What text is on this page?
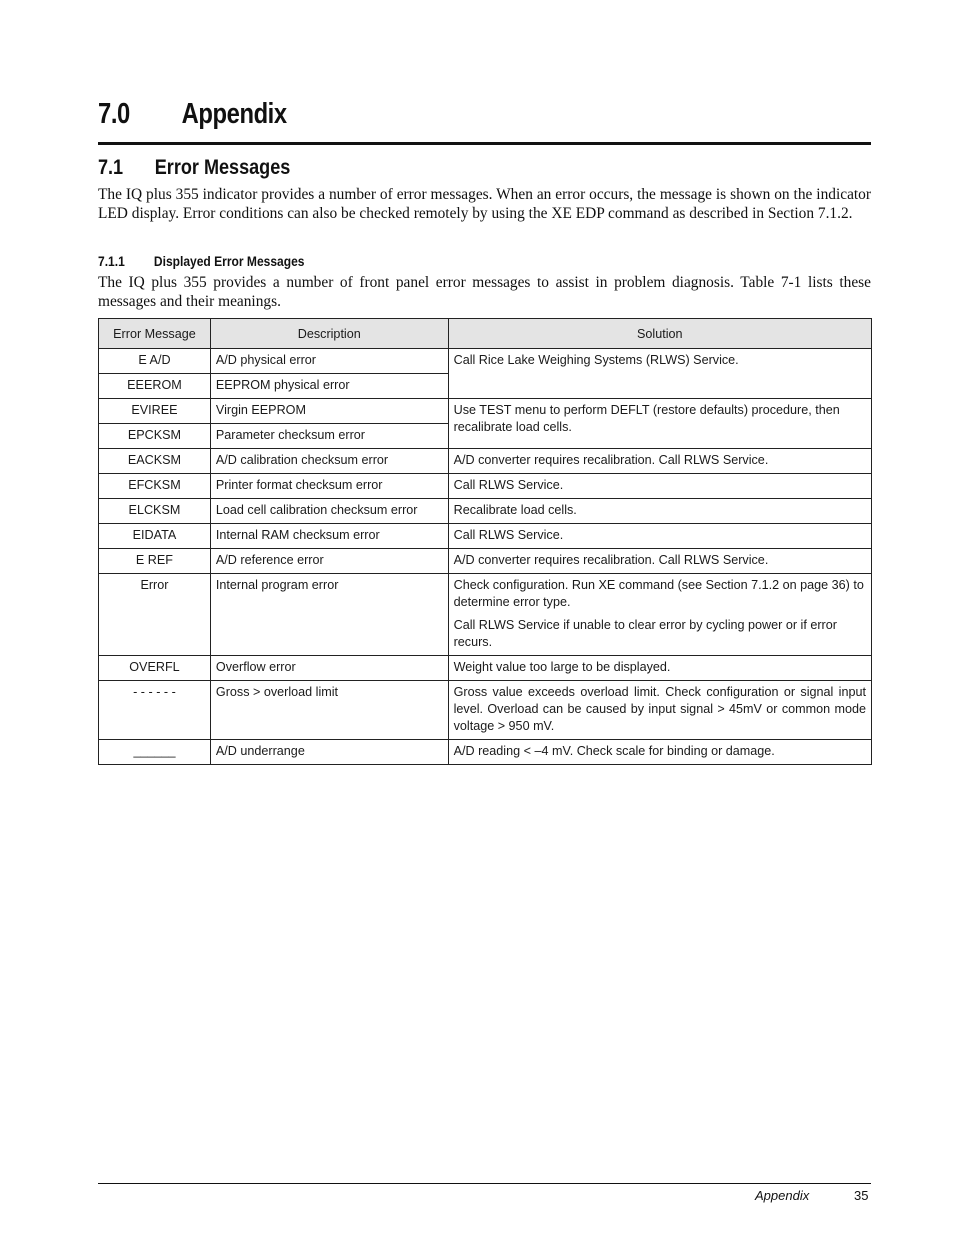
7.0 Appendix
7.1 Error Messages

The IQ plus 355 indicator provides a number of error messages. When an error occurs, the message is shown on the indicator LED display. Error conditions can also be checked remotely by using the XE EDP command as described in Section 7.1.2.

7.1.1 Displayed Error Messages

The IQ plus 355 provides a number of front panel error messages to assist in problem diagnosis. Table 7-1 lists these messages and their meanings.

Error Message	Description	Solution
E A/D	A/D physical error	Call Rice Lake Weighing Systems (RLWS) Service.
EEEROM	EEPROM physical error	
EVIREE	Virgin EEPROM	Use TEST menu to perform DEFLT (restore defaults) procedure, then recalibrate load cells.
EPCKSM	Parameter checksum error	
EACKSM	A/D calibration checksum error	A/D converter requires recalibration. Call RLWS Service.
EFCKSM	Printer format checksum error	Call RLWS Service.
ELCKSM	Load cell calibration checksum error	Recalibrate load cells.
EIDATA	Internal RAM checksum error	Call RLWS Service.
E REF	A/D reference error	A/D converter requires recalibration. Call RLWS Service.
Error	Internal program error	Check configuration. Run XE command (see Section 7.1.2 on page 36) to determine error type.
Call RLWS Service if unable to clear error by cycling power or if error recurs.

OVERFL	Overflow error	Weight value too large to be displayed.
- - - - - -	Gross > overload limit	Gross value exceeds overload limit. Check configuration or signal input level. Overload can be caused by input signal > 45mV or common mode voltage > 950 mV.
______	A/D underrange	A/D reading < –4 mV. Check scale for binding or damage.
Appendix	35
